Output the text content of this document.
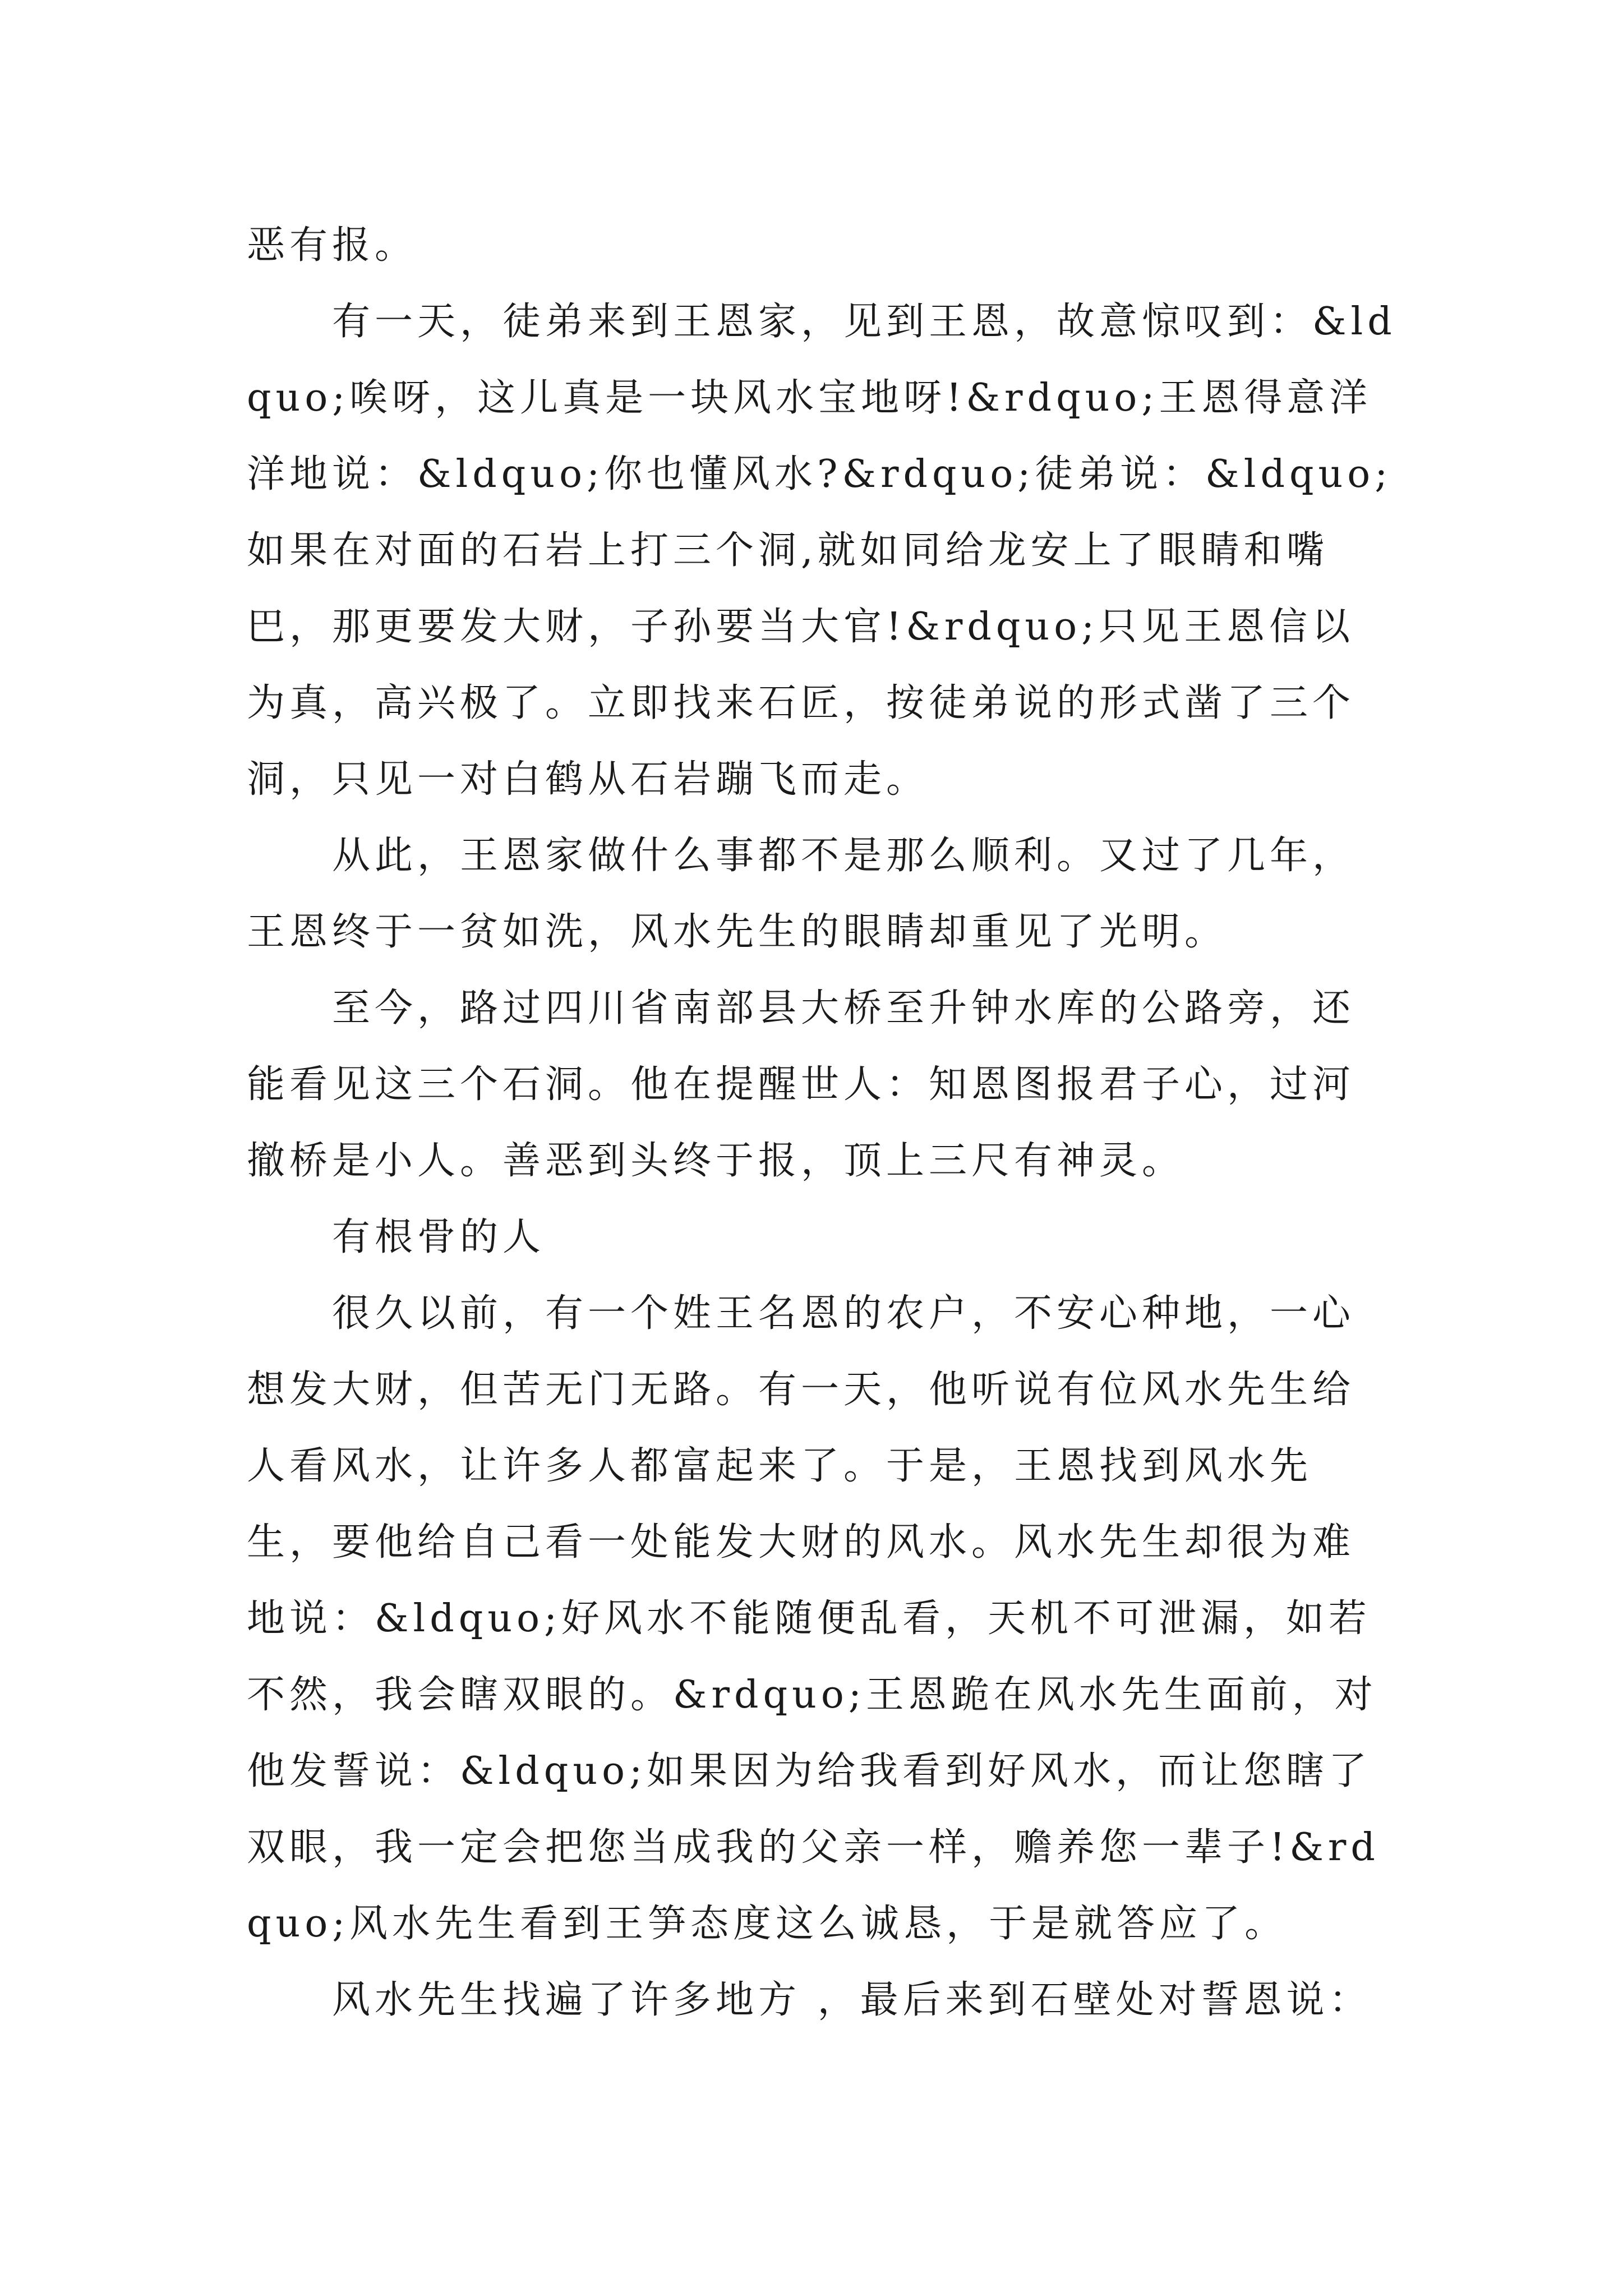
恶有报。

有一天，徒弟来到王恩家，见到王恩，故意惊叹到：&ldquo;唉呀，这儿真是一块风水宝地呀!&rdquo;王恩得意洋洋地说：&ldquo;你也懂风水?&rdquo;徒弟说：&ldquo;如果在对面的石岩上打三个洞,就如同给龙安上了眼睛和嘴巴，那更要发大财，子孙要当大官!&rdquo;只见王恩信以为真，高兴极了。立即找来石匠，按徒弟说的形式凿了三个洞，只见一对白鹤从石岩蹦飞而走。

从此，王恩家做什么事都不是那么顺利。又过了几年，王恩终于一贫如洗，风水先生的眼睛却重见了光明。

至今，路过四川省南部县大桥至升钟水库的公路旁，还能看见这三个石洞。他在提醒世人：知恩图报君子心，过河撤桥是小人。善恶到头终于报，顶上三尺有神灵。

有根骨的人

很久以前，有一个姓王名恩的农户，不安心种地，一心想发大财，但苦无门无路。有一天，他听说有位风水先生给人看风水，让许多人都富起来了。于是，王恩找到风水先生，要他给自己看一处能发大财的风水。风水先生却很为难地说：&ldquo;好风水不能随便乱看，天机不可泄漏，如若不然，我会瞎双眼的。&rdquo;王恩跪在风水先生面前，对他发誓说：&ldquo;如果因为给我看到好风水，而让您瞎了双眼，我一定会把您当成我的父亲一样，赡养您一辈子!&rdquo;风水先生看到王笋态度这么诚恳，于是就答应了。

风水先生找遍了许多地方 ，最后来到石壁处对誓恩说：
